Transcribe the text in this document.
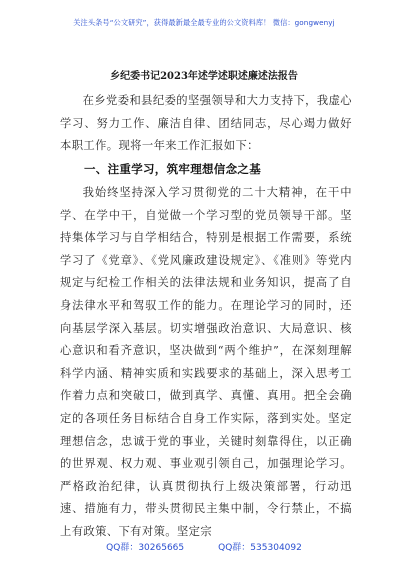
关注头条号“公文研究”，获得最新最全最专业的公文资料库！ 微信：gongwenyj
乡纪委书记2023年述学述职述廉述法报告
在乡党委和县纪委的坚强领导和大力支持下，我虚心学习、努力工作、廉洁自律、团结同志，尽心竭力做好本职工作。现将一年来工作汇报如下：
一、注重学习，筑牢理想信念之基
我始终坚持深入学习贯彻党的二十大精神，在干中学、在学中干，自觉做一个学习型的党员领导干部。坚持集体学习与自学相结合，特别是根据工作需要，系统学习了《党章》、《党风廉政建设规定》、《准则》等党内规定与纪检工作相关的法律法规和业务知识，提高了自身法律水平和驾驭工作的能力。在理论学习的同时，还向基层学深入基层。切实增强政治意识、大局意识、核心意识和看齐意识，坚决做到“两个维护”，在深刻理解科学内涵、精神实质和实践要求的基础上，深入思考工作着力点和突破口，做到真学、真懂、真用。把全会确定的各项任务目标结合自身工作实际，落到实处。坚定理想信念，忠诚于党的事业，关键时刻靠得住，以正确的世界观、权力观、事业观引领自己，加强理论学习。严格政治纪律，认真贯彻执行上级决策部署，行动迅速、措施有力，带头贯彻民主集中制，令行禁止，不搞上有政策、下有对策。坚定宗
QQ群：30265665	QQ群：535304092
